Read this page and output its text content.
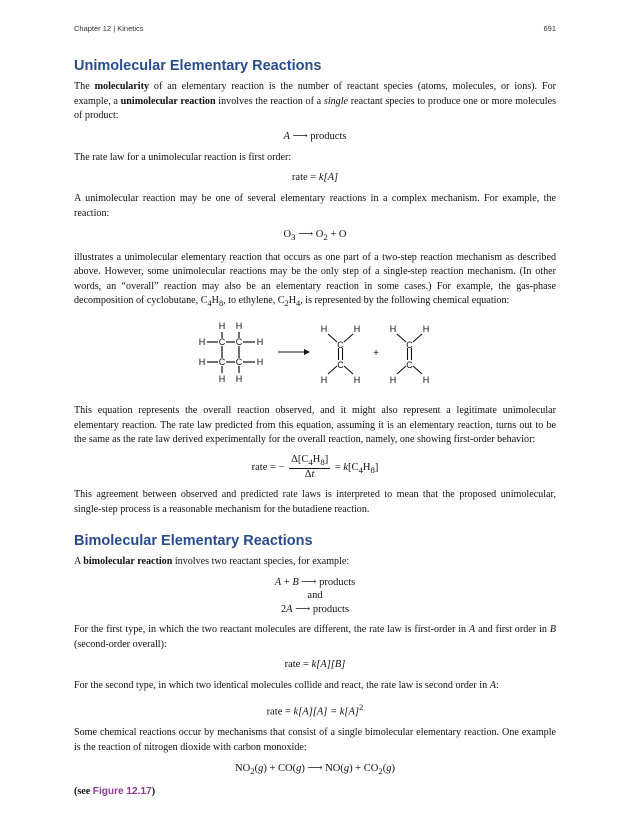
Chapter 12 | Kinetics	691
Unimolecular Elementary Reactions

The molecularity of an elementary reaction is the number of reactant species (atoms, molecules, or ions). For example, a unimolecular reaction involves the reaction of a single reactant species to produce one or more molecules of product:

A ⟶ products

The rate law for a unimolecular reaction is first order:

rate = k[A]

A unimolecular reaction may be one of several elementary reactions in a complex mechanism. For example, the reaction:

$O_3$ ⟶ $O_2 + O$

illustrates a unimolecular elementary reaction that occurs as one part of a two-step reaction mechanism as described above. However, some unimolecular reactions may be the only step of a single-step reaction mechanism. (In other words, an “overall” reaction may also be an elementary reaction in some cases.) For example, the gas-phase decomposition of cyclobutane, $C_4H_8$, to ethylene, $C_2H_4$, is represented by the following chemical equation:

H H
H C C H
H C C H
H H
H	H
C
C
H	H
+
H	H
C
C
H	H

This equation represents the overall reaction observed, and it might also represent a legitimate unimolecular elementary reaction. The rate law predicted from this equation, assuming it is an elementary reaction, turns out to be the same as the rate law derived experimentally for the overall reaction, namely, one showing first-order behavior:

rate = − $\frac{\Delta[C_4H_8]}{\Delta t} = k[C_4H_8]$

This agreement between observed and predicted rate laws is interpreted to mean that the proposed unimolecular, single-step process is a reasonable mechanism for the butadiene reaction.

Bimolecular Elementary Reactions

A bimolecular reaction involves two reactant species, for example:

A + B ⟶ products
and
2A ⟶ products

For the first type, in which the two reactant molecules are different, the rate law is first-order in A and first order in B (second-order overall):

rate = k[A][B]

For the second type, in which two identical molecules collide and react, the rate law is second order in A:

rate = $k[A][A] = k[A]^2$

Some chemical reactions occur by mechanisms that consist of a single bimolecular elementary reaction. One example is the reaction of nitrogen dioxide with carbon monoxide:

$NO_2(g) + CO(g)$ ⟶ $NO(g) + CO_2(g)$

(see Figure 12.17)
